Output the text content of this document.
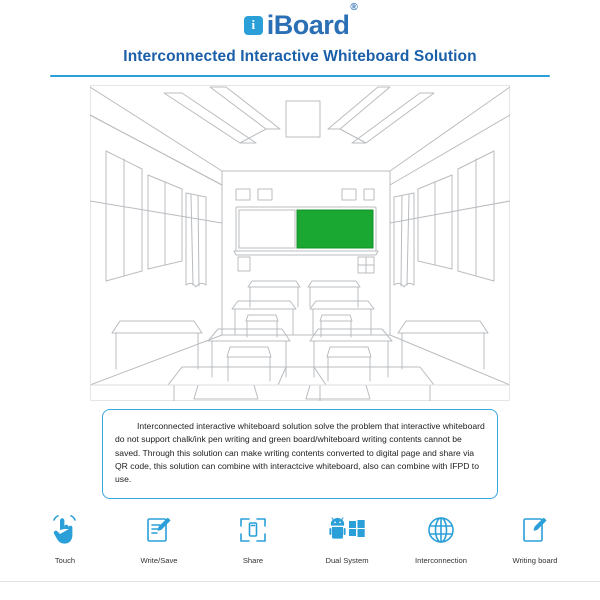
i iBoard®
Interconnected Interactive Whiteboard Solution
Interconnected interactive whiteboard solution solve the problem that interactive whiteboard do not support chalk/ink pen writing and green board/whiteboard writing contents cannot be saved. Through this solution can make writing contents converted to digital page and share via QR code, this solution can combine with interactcive whiteboard, also can combine with IFPD to use.
Touch	Write/Save	Share	Dual System	Interconnection	Writing board
